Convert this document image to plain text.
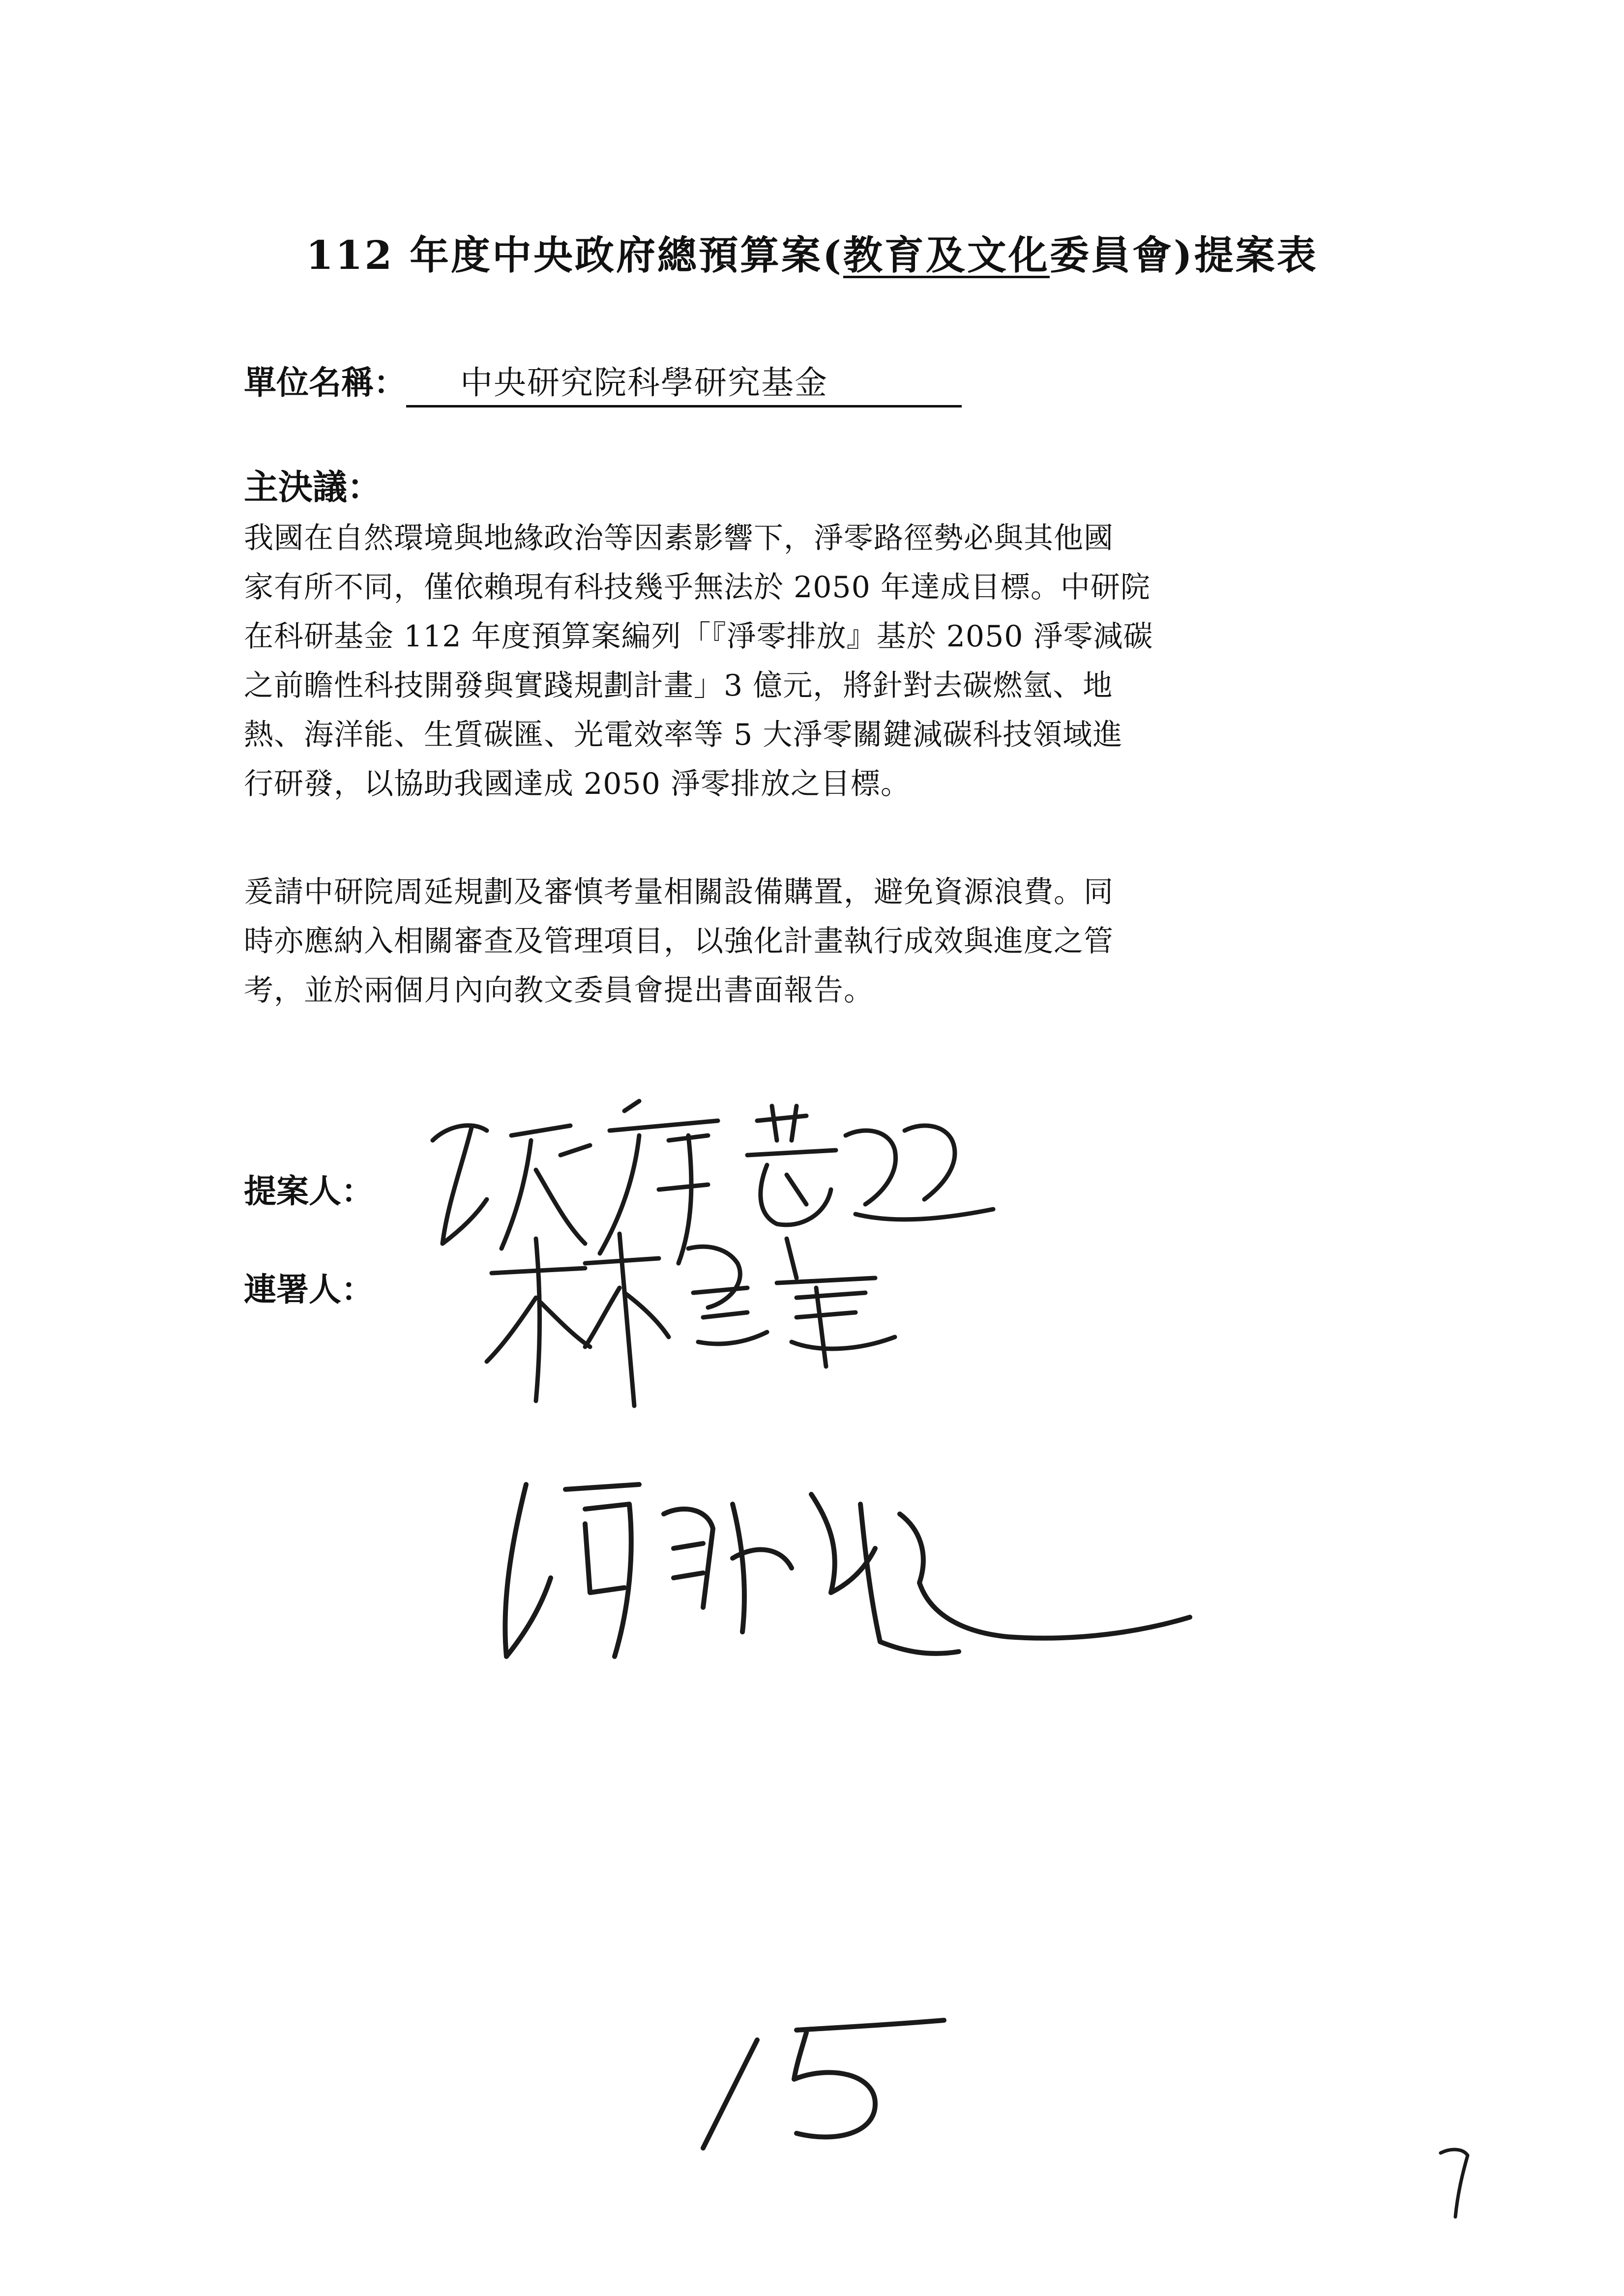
112 年度中央政府總預算案(教育及文化委員會)提案表
單位名稱： 中央研究院科學研究基金
主決議：
我國在自然環境與地緣政治等因素影響下，淨零路徑勢必與其他國
家有所不同，僅依賴現有科技幾乎無法於 2050 年達成目標。中研院
在科研基金 112 年度預算案編列「『淨零排放』基於 2050 淨零減碳
之前瞻性科技開發與實踐規劃計畫」3 億元，將針對去碳燃氫、地
熱、海洋能、生質碳匯、光電效率等 5 大淨零關鍵減碳科技領域進
行研發，以協助我國達成 2050 淨零排放之目標。
爰請中研院周延規劃及審慎考量相關設備購置，避免資源浪費。同
時亦應納入相關審查及管理項目，以強化計畫執行成效與進度之管
考，並於兩個月內向教文委員會提出書面報告。
提案人：
連署人：
